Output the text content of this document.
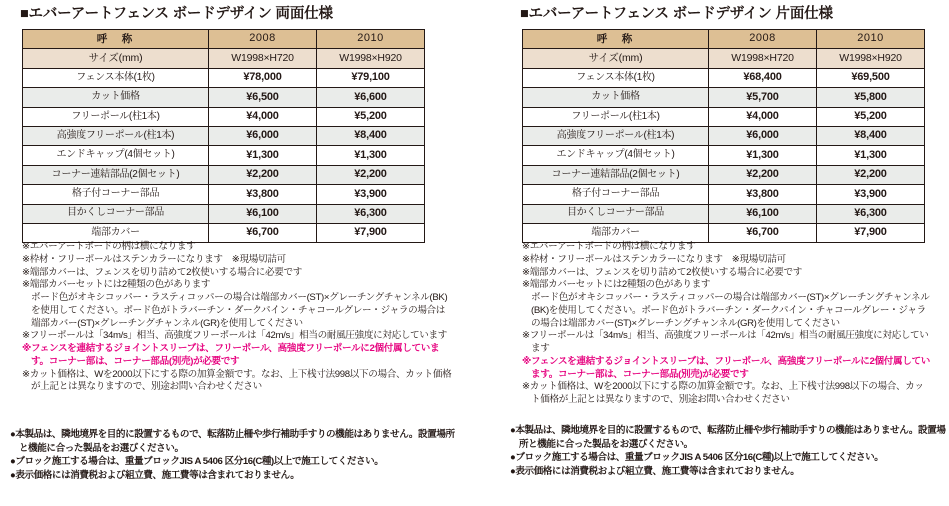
■エバーアートフェンス ボードデザイン 両面仕様
呼　称	2008	2010
サイズ(mm)	W1998×H720	W1998×H920
フェンス本体(1枚)	¥78,000	¥79,100
カット価格	¥6,500	¥6,600
フリーポール(柱1本)	¥4,000	¥5,200
高強度フリーポール(柱1本)	¥6,000	¥8,400
エンドキャップ(4個セット)	¥1,300	¥1,300
コーナー連結部品(2個セット)	¥2,200	¥2,200
格子付コーナー部品	¥3,800	¥3,900
目かくしコーナー部品	¥6,100	¥6,300
端部カバー	¥6,700	¥7,900

※エバーアートボードの柄は横になります

※枠材・フリーポールはステンカラーになります　※現場切詰可

※端部カバーは、フェンスを切り詰めて2枚使いする場合に必要です

※端部カバーセットには2種類の色があります

ボード色がオキシコッパー・ラスティコッパーの場合は端部カバー(ST)×グレーチングチャンネル(BK)を使用してください。ボード色がトラバーチン・ダークパイン・チャコールグレー・ジャラの場合は端部カバー(ST)×グレーチングチャンネル(GR)を使用してください

※フリーポールは「34m/s」相当、高強度フリーポールは「42m/s」相当の耐風圧強度に対応しています

※フェンスを連結するジョイントスリーブは、フリーポール、高強度フリーポールに2個付属しています。コーナー部は、コーナー部品(別売)が必要です

※カット価格は、Wを2000以下にする際の加算金額です。なお、上下桟寸法998以下の場合、カット価格が上記とは異なりますので、別途お問い合わせください

●本製品は、隣地境界を目的に設置するもので、転落防止柵や歩行補助手すりの機能はありません。設置場所と機能に合った製品をお選びください。

●ブロック施工する場合は、重量ブロックJIS A 5406 区分16(C種)以上で施工してください。

●表示価格には消費税および組立費、施工費等は含まれておりません。

■エバーアートフェンス ボードデザイン 片面仕様
呼　称	2008	2010
サイズ(mm)	W1998×H720	W1998×H920
フェンス本体(1枚)	¥68,400	¥69,500
カット価格	¥5,700	¥5,800
フリーポール(柱1本)	¥4,000	¥5,200
高強度フリーポール(柱1本)	¥6,000	¥8,400
エンドキャップ(4個セット)	¥1,300	¥1,300
コーナー連結部品(2個セット)	¥2,200	¥2,200
格子付コーナー部品	¥3,800	¥3,900
目かくしコーナー部品	¥6,100	¥6,300
端部カバー	¥6,700	¥7,900

※エバーアートボードの柄は横になります

※枠材・フリーポールはステンカラーになります　※現場切詰可

※端部カバーは、フェンスを切り詰めて2枚使いする場合に必要です

※端部カバーセットには2種類の色があります

ボード色がオキシコッパー・ラスティコッパーの場合は端部カバー(ST)×グレーチングチャンネル(BK)を使用してください。ボード色がトラバーチン・ダークパイン・チャコールグレー・ジャラの場合は端部カバー(ST)×グレーチングチャンネル(GR)を使用してください

※フリーポールは「34m/s」相当、高強度フリーポールは「42m/s」相当の耐風圧強度に対応しています

※フェンスを連結するジョイントスリーブは、フリーポール、高強度フリーポールに2個付属しています。コーナー部は、コーナー部品(別売)が必要です

※カット価格は、Wを2000以下にする際の加算金額です。なお、上下桟寸法998以下の場合、カット価格が上記とは異なりますので、別途お問い合わせください

●本製品は、隣地境界を目的に設置するもので、転落防止柵や歩行補助手すりの機能はありません。設置場所と機能に合った製品をお選びください。

●ブロック施工する場合は、重量ブロックJIS A 5406 区分16(C種)以上で施工してください。

●表示価格には消費税および組立費、施工費等は含まれておりません。
